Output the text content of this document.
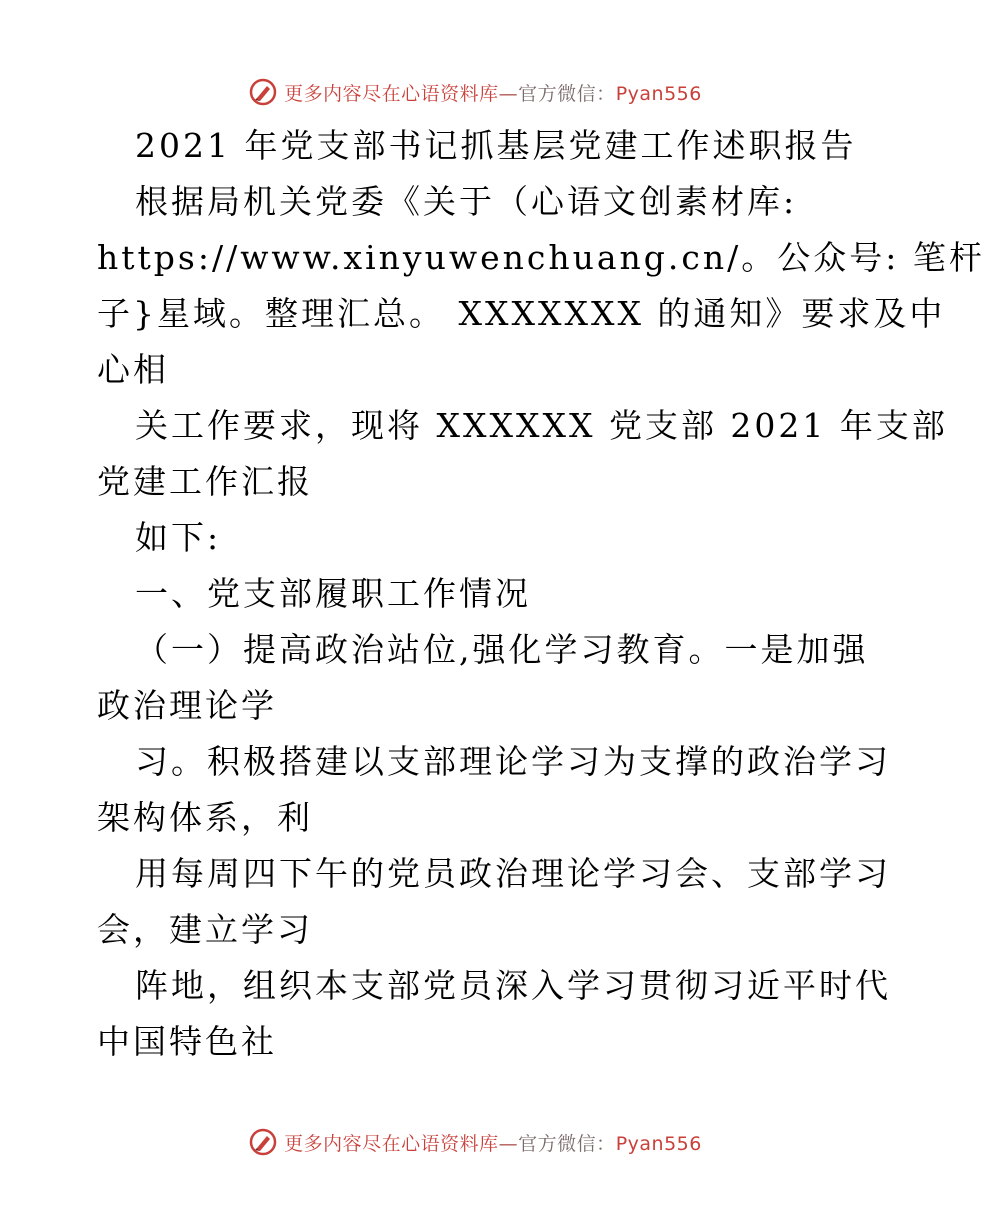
更多内容尽在心语资料库—官方微信：Pyan556
2021 年党支部书记抓基层党建工作述职报告
根据局机关党委《关于（心语文创素材库:
https://www.xinyuwenchuang.cn/。公众号: 笔杆
子}星域。整理汇总。 XXXXXXX 的通知》要求及中
心相
关工作要求，现将 XXXXXX 党支部 2021 年支部
党建工作汇报
如下:
一、党支部履职工作情况
（一）提高政治站位,强化学习教育。一是加强
政治理论学
习。积极搭建以支部理论学习为支撑的政治学习
架构体系，利
用每周四下午的党员政治理论学习会、支部学习
会，建立学习
阵地，组织本支部党员深入学习贯彻习近平时代
中国特色社
更多内容尽在心语资料库—官方微信：Pyan556
